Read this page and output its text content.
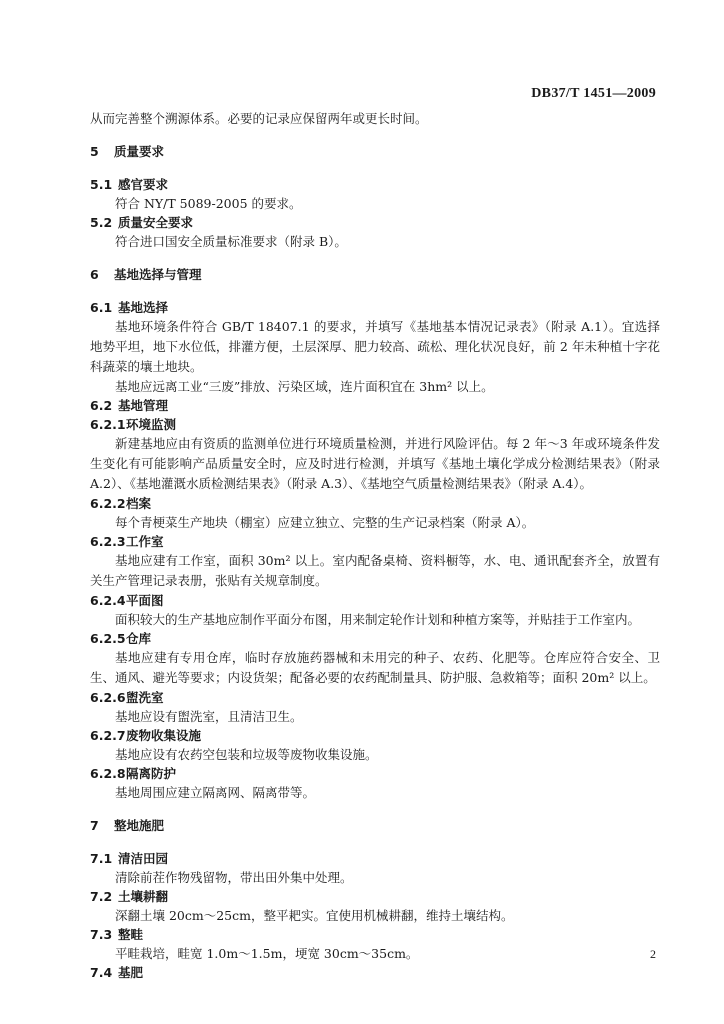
DB37/T 1451—2009
从而完善整个溯源体系。必要的记录应保留两年或更长时间。
5 质量要求
5.1 感官要求
符合 NY/T 5089-2005 的要求。
5.2 质量安全要求
符合进口国安全质量标准要求（附录 B）。
6 基地选择与管理
6.1 基地选择
基地环境条件符合 GB/T 18407.1 的要求，并填写《基地基本情况记录表》（附录 A.1）。宜选择地势平坦，地下水位低，排灌方便，土层深厚、肥力较高、疏松、理化状况良好，前 2 年未种植十字花科蔬菜的壤土地块。
基地应远离工业“三废”排放、污染区域，连片面积宜在 3hm² 以上。
6.2 基地管理
6.2.1环境监测
新建基地应由有资质的监测单位进行环境质量检测，并进行风险评估。每 2 年～3 年或环境条件发生变化有可能影响产品质量安全时，应及时进行检测，并填写《基地土壤化学成分检测结果表》（附录 A.2）、《基地灌溉水质检测结果表》（附录 A.3）、《基地空气质量检测结果表》（附录 A.4）。
6.2.2档案
每个青梗菜生产地块（棚室）应建立独立、完整的生产记录档案（附录 A）。
6.2.3工作室
基地应建有工作室，面积 30m² 以上。室内配备桌椅、资料橱等，水、电、通讯配套齐全，放置有关生产管理记录表册，张贴有关规章制度。
6.2.4平面图
面积较大的生产基地应制作平面分布图，用来制定轮作计划和种植方案等，并贴挂于工作室内。
6.2.5仓库
基地应建有专用仓库，临时存放施药器械和未用完的种子、农药、化肥等。仓库应符合安全、卫生、通风、避光等要求；内设货架；配备必要的农药配制量具、防护服、急救箱等；面积 20m² 以上。
6.2.6盥洗室
基地应设有盥洗室，且清洁卫生。
6.2.7废物收集设施
基地应设有农药空包装和垃圾等废物收集设施。
6.2.8隔离防护
基地周围应建立隔离网、隔离带等。
7 整地施肥
7.1 清洁田园
清除前茬作物残留物，带出田外集中处理。
7.2 土壤耕翻
深翻土壤 20cm～25cm，整平耙实。宜使用机械耕翻，维持土壤结构。
7.3 整畦
平畦栽培，畦宽 1.0m～1.5m，埂宽 30cm～35cm。
7.4 基肥
2
